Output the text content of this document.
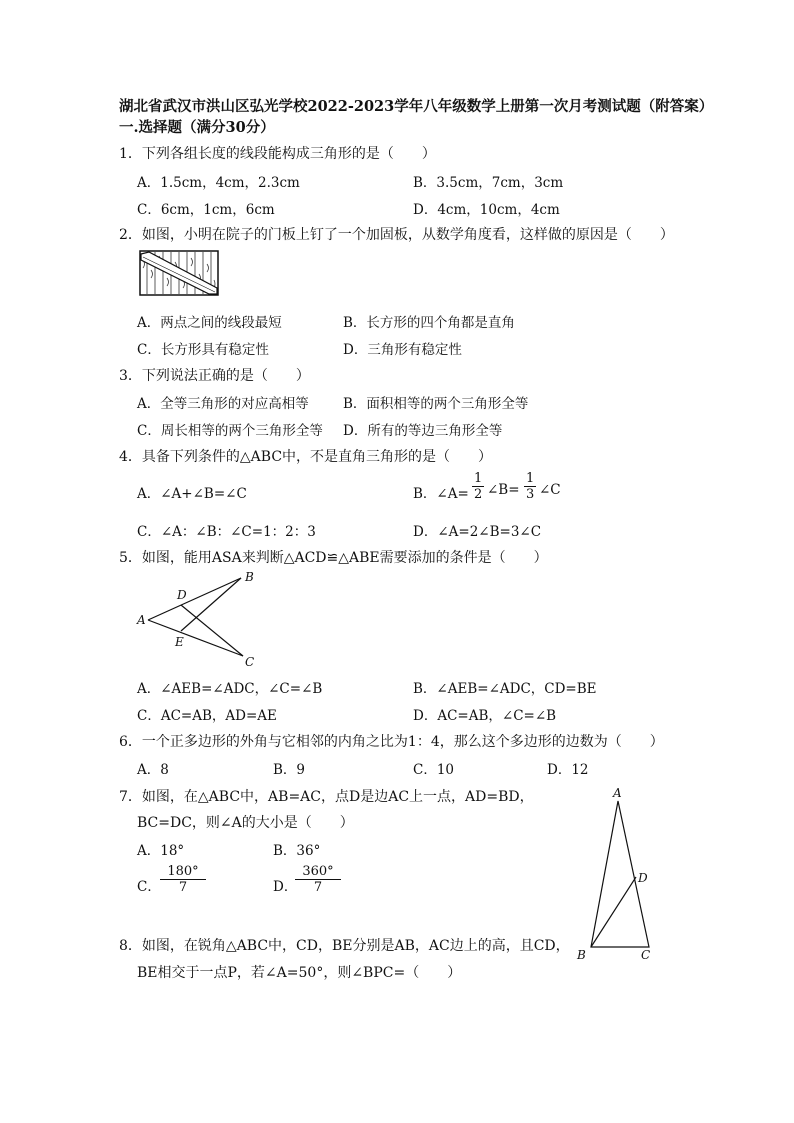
湖北省武汉市洪山区弘光学校2022-2023学年八年级数学上册第一次月考测试题（附答案）
一.选择题（满分30分）
1．下列各组长度的线段能构成三角形的是（　　）
A．1.5cm，4cm，2.3cm	B．3.5cm，7cm，3cm
C．6cm，1cm，6cm	D．4cm，10cm，4cm
2．如图，小明在院子的门板上钉了一个加固板，从数学角度看，这样做的原因是（　　）
A．两点之间的线段最短	B．长方形的四个角都是直角
C．长方形具有稳定性	D．三角形有稳定性
3．下列说法正确的是（　　）
A．全等三角形的对应高相等	B．面积相等的两个三角形全等
C．周长相等的两个三角形全等 D．所有的等边三角形全等
4．具备下列条件的△ABC中，不是直角三角形的是（　　）
A．∠A+∠B=∠C	B．∠A=
1
2 ∠B=
1
3 ∠C
C．∠A：∠B：∠C=1：2：3	D．∠A=2∠B=3∠C
5．如图，能用ASA来判断△ACD≌△ABE需要添加的条件是（　　）
A
B
C
D
E
A．∠AEB=∠ADC，∠C=∠B	B．∠AEB=∠ADC，CD=BE
C．AC=AB，AD=AE	D．AC=AB，∠C=∠B
6．一个正多边形的外角与它相邻的内角之比为1：4，那么这个多边形的边数为（　　）
A．8	B．9	C．10	D．12
7．如图，在△ABC中，AB=AC，点D是边AC上一点，AD=BD，
BC=DC，则∠A的大小是（　　）
A．18°	B．36°
C．
180°
7	D．
360°
7
A
B	C
D
8．如图，在锐角△ABC中，CD，BE分别是AB，AC边上的高，且CD，
BE相交于一点P，若∠A=50°，则∠BPC=（　　）
